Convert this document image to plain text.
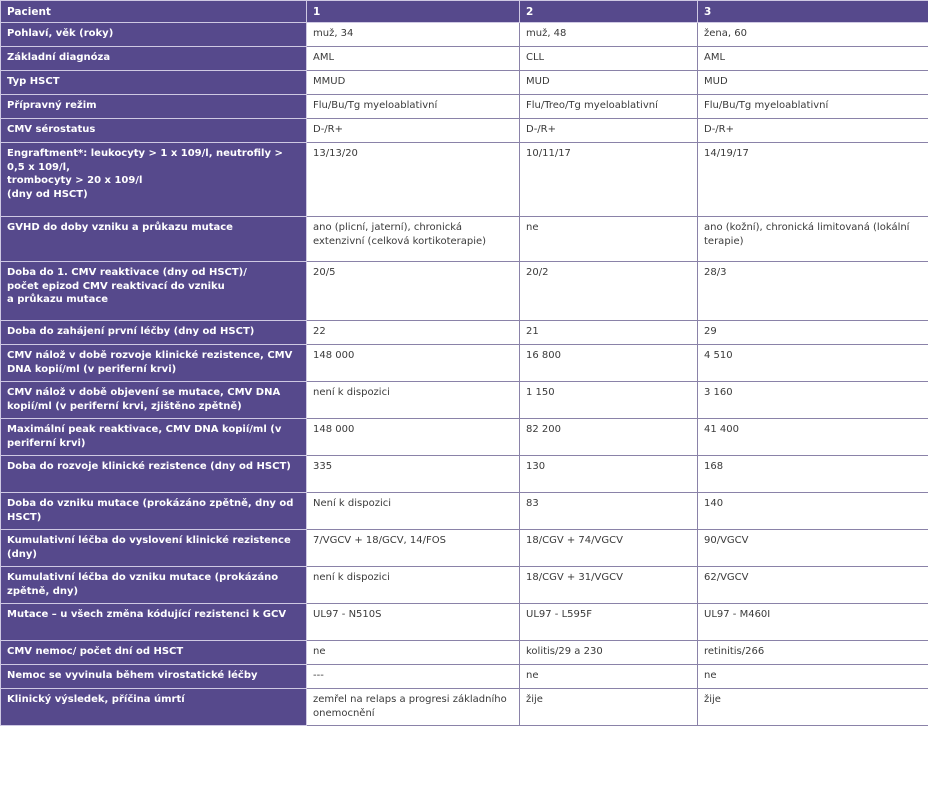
Pacient	1	2	3
Pohlaví, věk (roky)	muž, 34	muž, 48	žena, 60
Základní diagnóza	AML	CLL	AML
Typ HSCT	MMUD	MUD	MUD
Přípravný režim	Flu/Bu/Tg myeloablativní	Flu/Treo/Tg myeloablativní	Flu/Bu/Tg myeloablativní
CMV sérostatus	D-/R+	D-/R+	D-/R+
Engraftment*: leukocyty > 1 x 109/l, neutrofily > 0,5 x 109/l,
trombocyty > 20 x 109/l
(dny od HSCT)	13/13/20	10/11/17	14/19/17
GVHD do doby vzniku a průkazu mutace	ano (plicní, jaterní), chronická extenzivní (celková kortikoterapie)	ne	ano (kožní), chronická limitovaná (lokální terapie)
Doba do 1. CMV reaktivace (dny od HSCT)/
počet epizod CMV reaktivací do vzniku
a průkazu mutace	20/5	20/2	28/3
Doba do zahájení první léčby (dny od HSCT)	22	21	29
CMV nálož v době rozvoje klinické rezistence, CMV DNA kopií/ml (v periferní krvi)	148 000	16 800	4 510
CMV nálož v době objevení se mutace, CMV DNA kopií/ml (v periferní krvi, zjištěno zpětně)	není k dispozici	1 150	3 160
Maximální peak reaktivace, CMV DNA kopií/ml (v periferní krvi)	148 000	82 200	41 400
Doba do rozvoje klinické rezistence (dny od HSCT)	335	130	168
Doba do vzniku mutace (prokázáno zpětně, dny od HSCT)	Není k dispozici	83	140
Kumulativní léčba do vyslovení klinické rezistence (dny)	7/VGCV + 18/GCV, 14/FOS	18/CGV + 74/VGCV	90/VGCV
Kumulativní léčba do vzniku mutace (prokázáno zpětně, dny)	není k dispozici	18/CGV + 31/VGCV	62/VGCV
Mutace – u všech změna kódující rezistenci k GCV	UL97 - N510S	UL97 - L595F	UL97 - M460I
CMV nemoc/ počet dní od HSCT	ne	kolitis/29 a 230	retinitis/266
Nemoc se vyvinula během virostatické léčby	---	ne	ne
Klinický výsledek, příčina úmrtí	zemřel na relaps a progresi základního onemocnění	žije	žije
